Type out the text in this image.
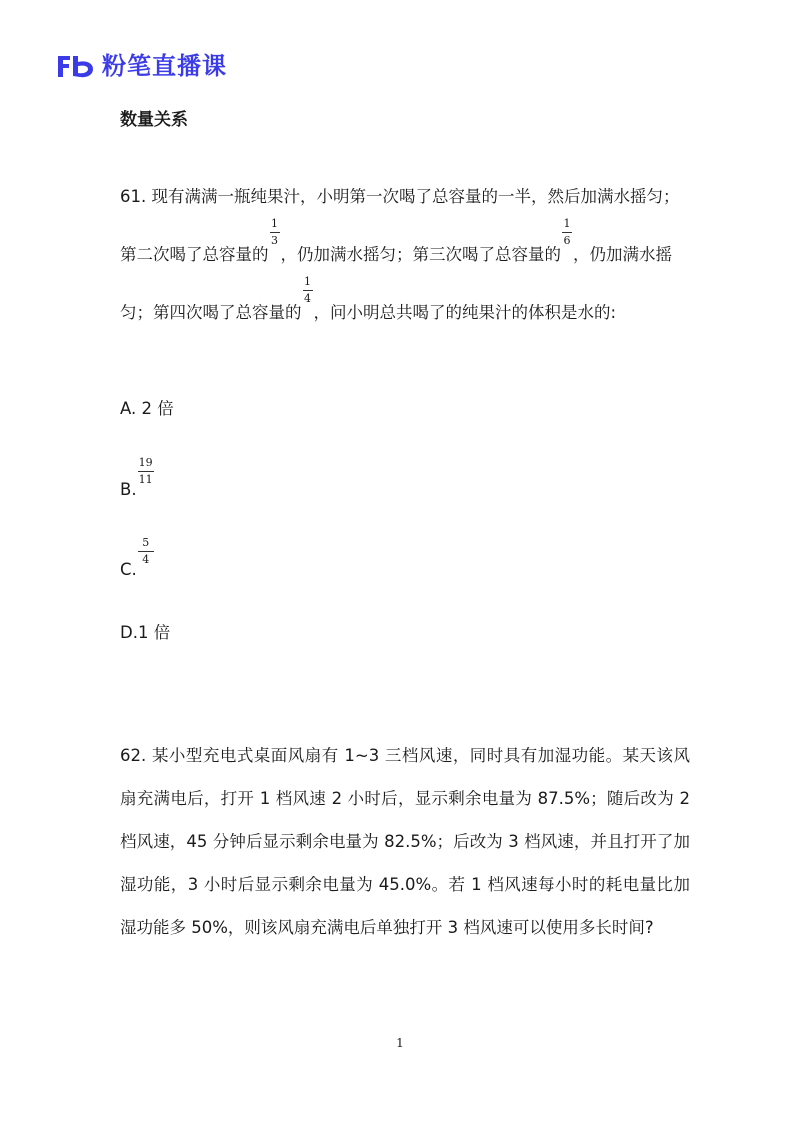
粉笔直播课
数量关系
61. 现有满满一瓶纯果汁，小明第一次喝了总容量的一半，然后加满水摇匀；第二次喝了总容量的 $\frac{1}{3}$ ，仍加满水摇匀；第三次喝了总容量的 $\frac{1}{6}$ ，仍加满水摇匀；第四次喝了总容量的 $\frac{1}{4}$ ，问小明总共喝了的纯果汁的体积是水的:
A. 2 倍
B. $\frac{19}{11}$
C. $\frac{5}{4}$
D.1 倍
62. 某小型充电式桌面风扇有 1~3 三档风速，同时具有加湿功能。某天该风扇充满电后，打开 1 档风速 2 小时后，显示剩余电量为 87.5%；随后改为 2 档风速，45 分钟后显示剩余电量为 82.5%；后改为 3 档风速，并且打开了加湿功能，3 小时后显示剩余电量为 45.0%。若 1 档风速每小时的耗电量比加湿功能多 50%，则该风扇充满电后单独打开 3 档风速可以使用多长时间?
1
